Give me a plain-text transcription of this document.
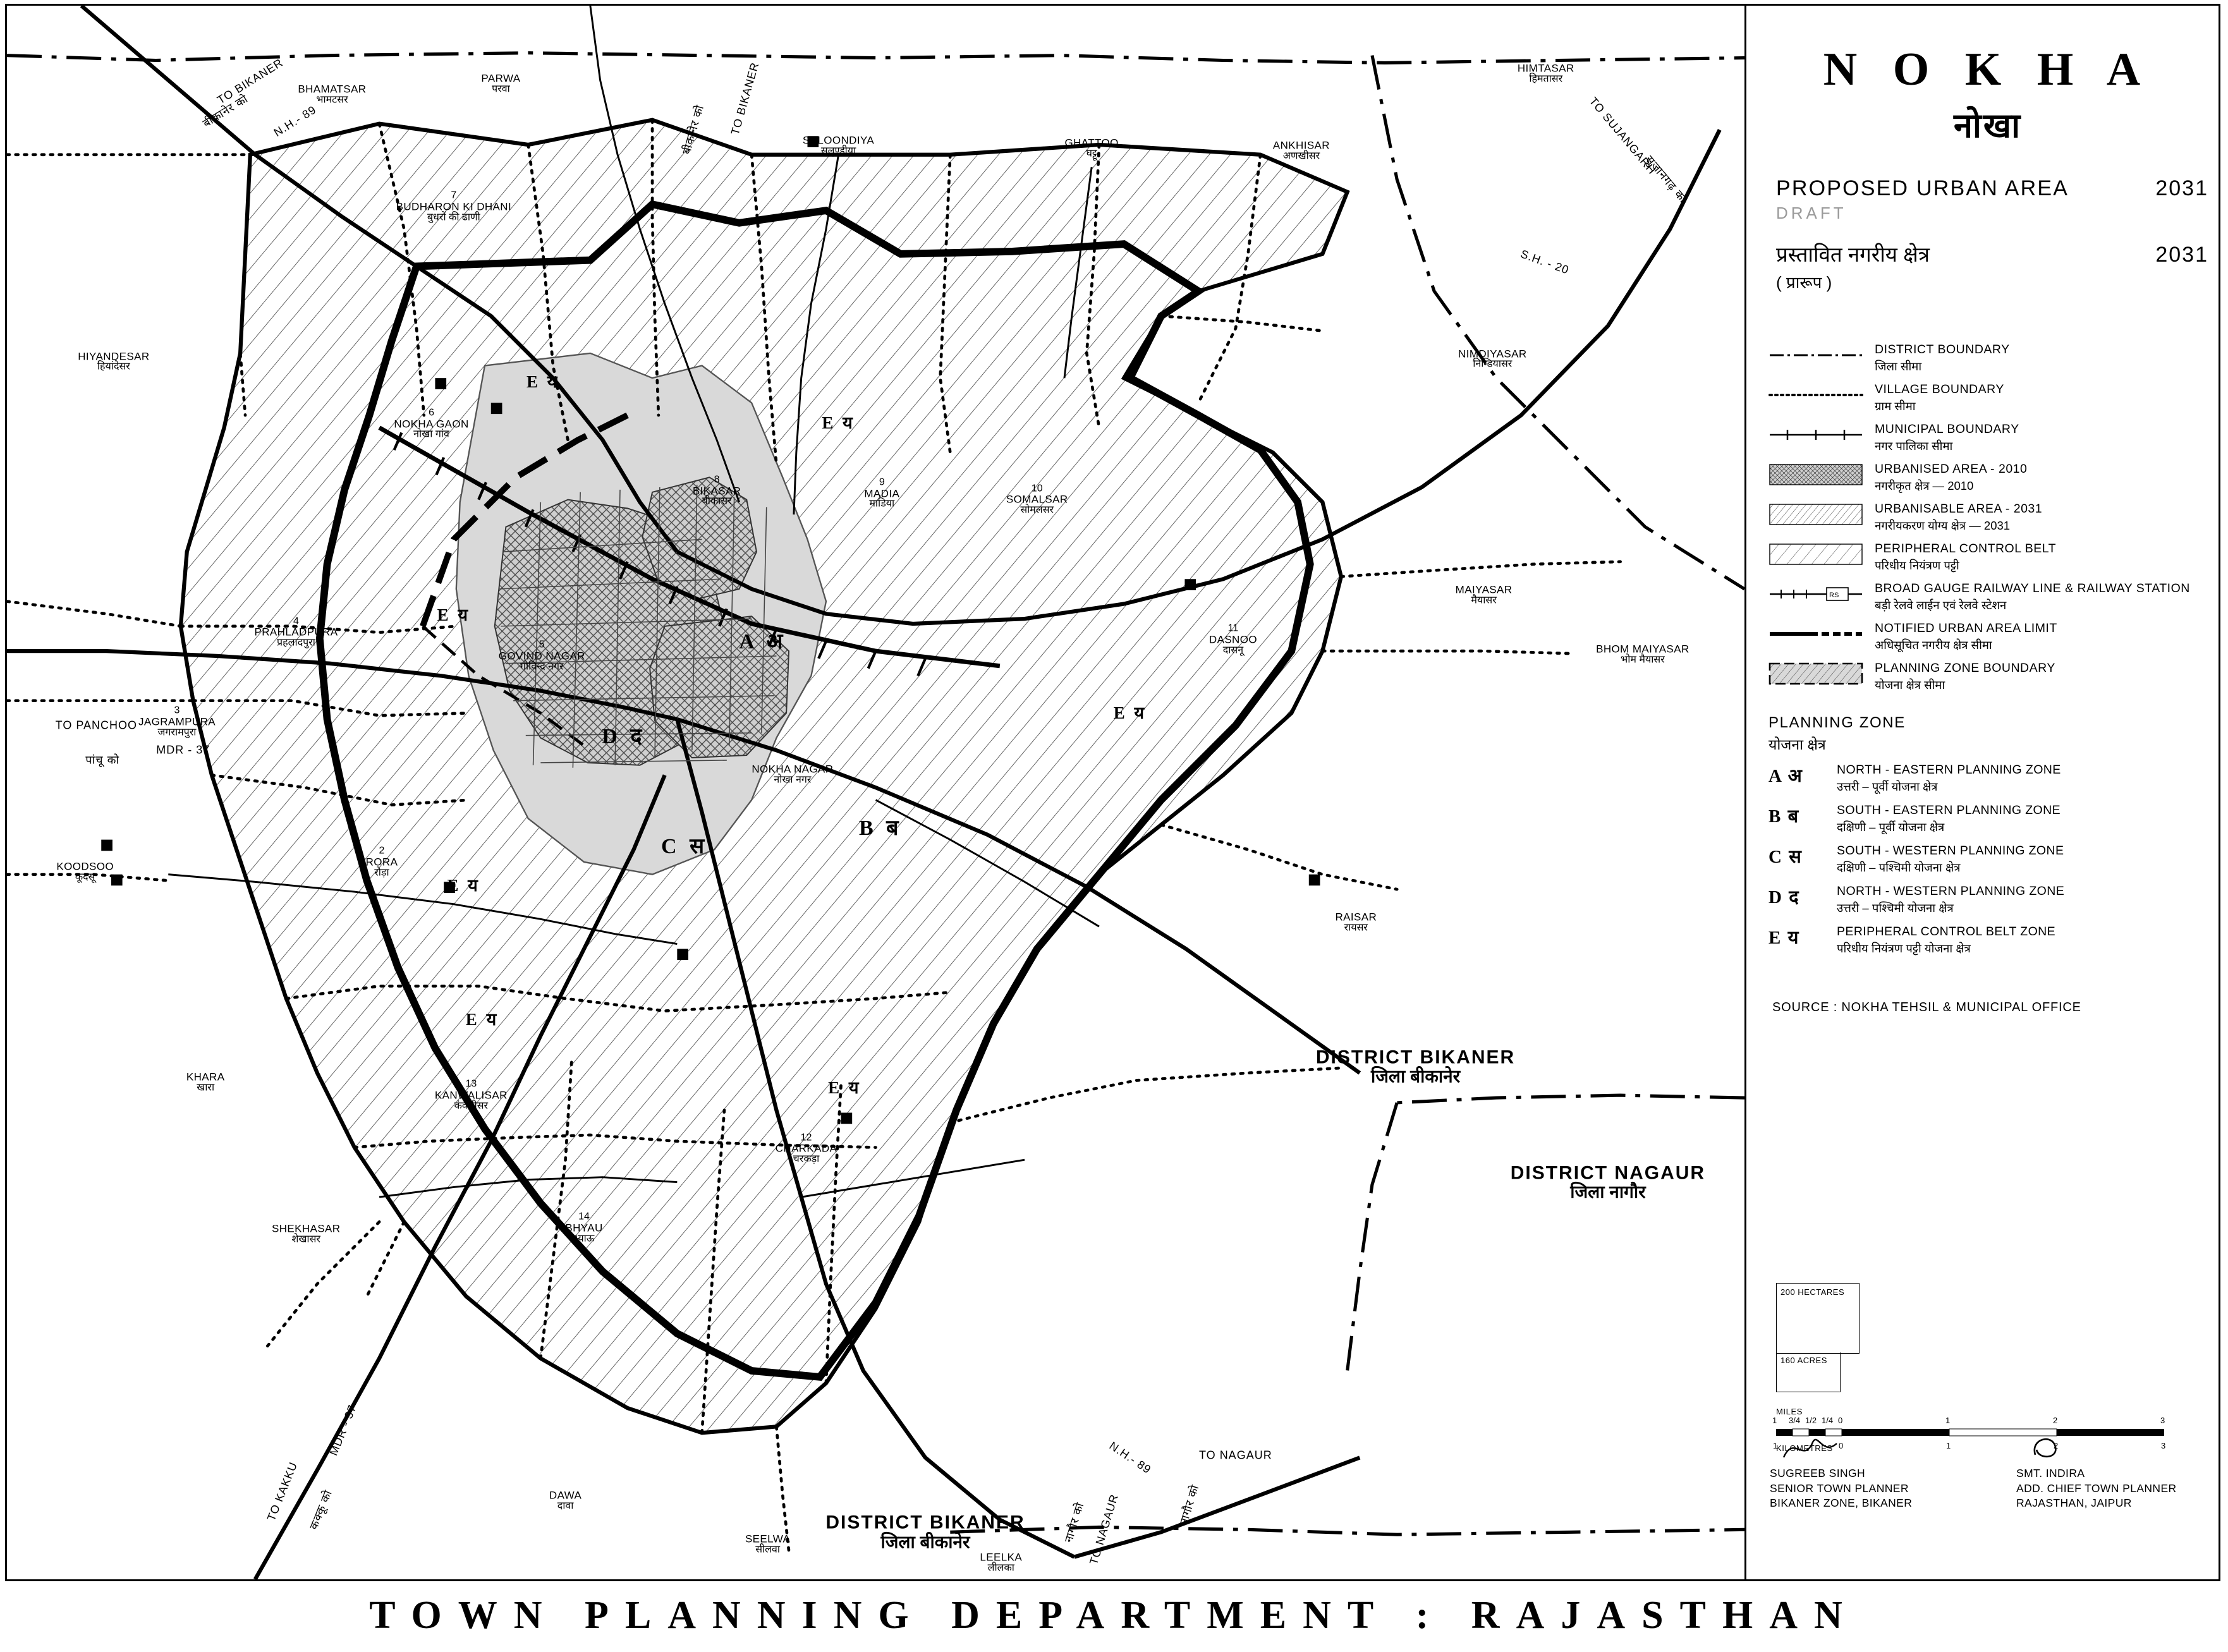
BHAMATSAR
भामटसर
PARWA
परवा
SALOONDIYA
सलुण्डीया
GHATTOO
घट्टू
ANKHISAR
अणखीसर
HIMTASAR
हिमतासर
7
BUDHARON KI DHANI
बुधरों की ढाणी
HIYANDESAR
हियांदेसर
6
NOKHA GAON
नोखा गांव
8
BIKASAR
बीकासर
9
MADIA
माडिया
10
SOMALSAR
सोमलसर
NIMDIYASAR
निम्डियासर
MAIYASAR
मैयासर
BHOM MAIYASAR
भोम मैयासर
4
PRAHLADPURA
प्रहलादपुरा
3
JAGRAMPURA
जगरामपुरा
5
GOVIND NAGAR
गोविन्द नगर
11
DASNOO
दासनू
KOODSOO
कूदसू
2
RORA
रोड़ा
NOKHA NAGAR
नोखा नगर
RAISAR
रायसर
KHARA
खारा	13
KANWALISAR
कंवलीसर
12
CHARKADA
चरकड़ा
SHEKHASAR
शेखासर
14
BHYAU
भ्याऊ
DAWA
दावा
SEELWA
सीलवा
LEELKA
लीलका
DISTRICT BIKANER
जिला बीकानेर
DISTRICT NAGAUR
जिला नागौर
DISTRICT BIKANER
जिला बीकानेर
TO BIKANER
N.H.- 89
बीकानेर को	TO BIKANER
बीकानेर को	TO SUJANGARH
सुजानगढ़ को
S.H. - 20
TO PANCHOO
MDR - 37
पांचू को
TO KAKKU
MDR - 37
कक्कू को
N.H.- 89	TO NAGAUR
TO NAGAUR
नागौर को	नागौर को
E य
E य
E य
E य
E य
E य
E य
A अ
B ब
C स
D द
N O K H A
नोखा
PROPOSED URBAN AREA	2031
DRAFT
प्रस्तावित नगरीय क्षेत्र	2031
( प्रारूप )
DISTRICT BOUNDARY
जिला सीमा
VILLAGE BOUNDARY
ग्राम सीमा
MUNICIPAL BOUNDARY
नगर पालिका सीमा
URBANISED AREA - 2010
नगरीकृत क्षेत्र — 2010
URBANISABLE AREA - 2031
नगरीयकरण योग्य क्षेत्र — 2031
PERIPHERAL CONTROL BELT
परिधीय नियंत्रण पट्टी
RS	BROAD GAUGE RAILWAY LINE & RAILWAY STATION
बड़ी रेलवे लाईन एवं रेलवे स्टेशन
NOTIFIED URBAN AREA LIMIT
अधिसूचित नगरीय क्षेत्र सीमा
PLANNING ZONE BOUNDARY
योजना क्षेत्र सीमा
PLANNING ZONE
योजना क्षेत्र
A अ	NORTH - EASTERN PLANNING ZONE
उत्तरी – पूर्वी योजना क्षेत्र
B ब	SOUTH - EASTERN PLANNING ZONE
दक्षिणी – पूर्वी योजना क्षेत्र
C स	SOUTH - WESTERN PLANNING ZONE
दक्षिणी – पश्चिमी योजना क्षेत्र
D द	NORTH - WESTERN PLANNING ZONE
उत्तरी – पश्चिमी योजना क्षेत्र
E य	PERIPHERAL CONTROL BELT ZONE
परिधीय नियंत्रण पट्टी योजना क्षेत्र
SOURCE : NOKHA TEHSIL & MUNICIPAL OFFICE
200 HECTARES
160 ACRES
MILES
1 3/4 1/2 1/4 0	1	2	3
KILOMETRES
1	0	1	2	3
SUGREEB SINGH
SENIOR TOWN PLANNER
BIKANER ZONE, BIKANER
SMT. INDIRA
ADD. CHIEF TOWN PLANNER
RAJASTHAN, JAIPUR
TOWN PLANNING DEPARTMENT : RAJASTHAN
